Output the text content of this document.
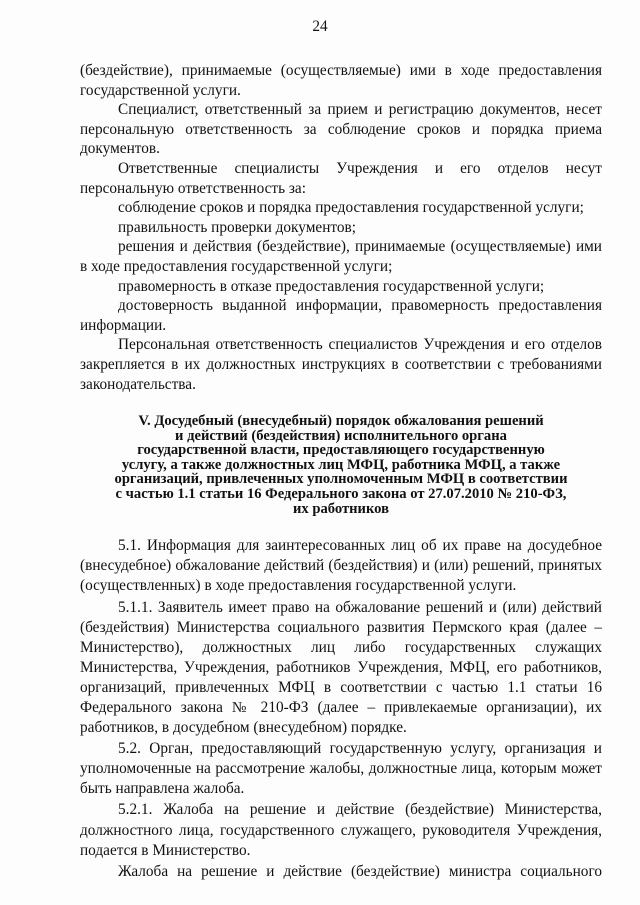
24

(бездействие), принимаемые (осуществляемые) ими в ходе предоставления государственной услуги.

Специалист, ответственный за прием и регистрацию документов, несет персональную ответственность за соблюдение сроков и порядка приема документов.

Ответственные специалисты Учреждения и его отделов несут персональную ответственность за:

соблюдение сроков и порядка предоставления государственной услуги;

правильность проверки документов;

решения и действия (бездействие), принимаемые (осуществляемые) ими в ходе предоставления государственной услуги;

правомерность в отказе предоставления государственной услуги;

достоверность выданной информации, правомерность предоставления информации.

Персональная ответственность специалистов Учреждения и его отделов закрепляется в их должностных инструкциях в соответствии с требованиями законодательства.

V. Досудебный (внесудебный) порядок обжалования решений
и действий (бездействия) исполнительного органа
государственной власти, предоставляющего государственную
услугу, а также должностных лиц МФЦ, работника МФЦ, а также
организаций, привлеченных уполномоченным МФЦ в соответствии
с частью 1.1 статьи 16 Федерального закона от 27.07.2010 № 210-ФЗ,
их работников

5.1. Информация для заинтересованных лиц об их праве на досудебное (внесудебное) обжалование действий (бездействия) и (или) решений, принятых (осуществленных) в ходе предоставления государственной услуги.

5.1.1. Заявитель имеет право на обжалование решений и (или) действий (бездействия) Министерства социального развития Пермского края (далее – Министерство), должностных лиц либо государственных служащих Министерства, Учреждения, работников Учреждения, МФЦ, его работников, организаций, привлеченных МФЦ в соответствии с частью 1.1 статьи 16 Федерального закона № 210-ФЗ (далее – привлекаемые организации), их работников, в досудебном (внесудебном) порядке.

5.2. Орган, предоставляющий государственную услугу, организация и уполномоченные на рассмотрение жалобы, должностные лица, которым может быть направлена жалоба.

5.2.1. Жалоба на решение и действие (бездействие) Министерства, должностного лица, государственного служащего, руководителя Учреждения, подается в Министерство.

Жалоба на решение и действие (бездействие) министра социального
